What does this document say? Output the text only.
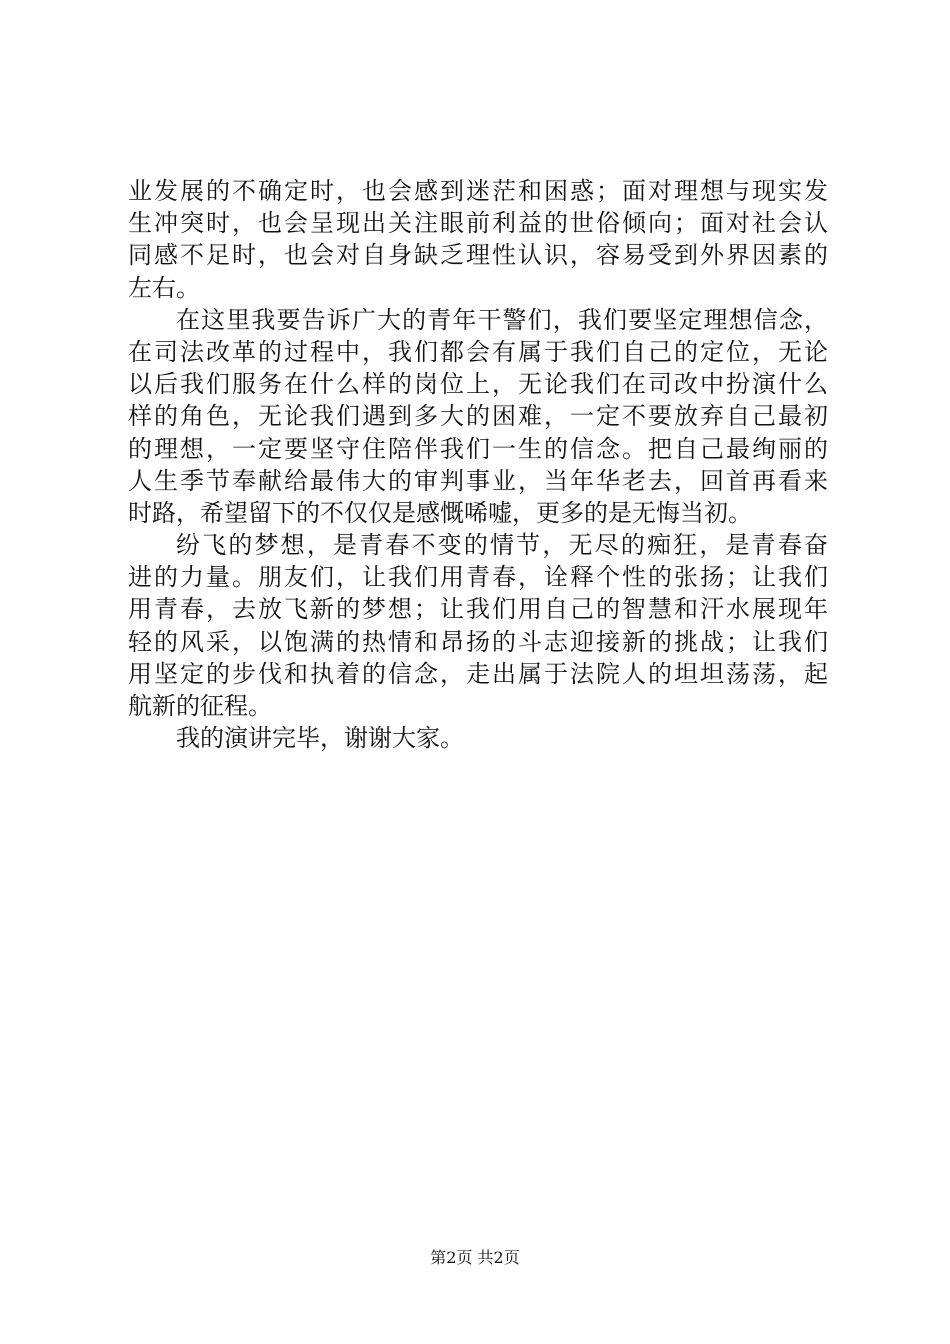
业发展的不确定时，也会感到迷茫和困惑；面对理想与现实发
生冲突时，也会呈现出关注眼前利益的世俗倾向；面对社会认
同感不足时，也会对自身缺乏理性认识，容易受到外界因素的
左右。
在这里我要告诉广大的青年干警们，我们要坚定理想信念，
在司法改革的过程中，我们都会有属于我们自己的定位，无论
以后我们服务在什么样的岗位上，无论我们在司改中扮演什么
样的角色，无论我们遇到多大的困难，一定不要放弃自己最初
的理想，一定要坚守住陪伴我们一生的信念。把自己最绚丽的
人生季节奉献给最伟大的审判事业，当年华老去，回首再看来
时路，希望留下的不仅仅是感慨唏嘘，更多的是无悔当初。
纷飞的梦想，是青春不变的情节，无尽的痴狂，是青春奋
进的力量。朋友们，让我们用青春，诠释个性的张扬；让我们
用青春，去放飞新的梦想；让我们用自己的智慧和汗水展现年
轻的风采，以饱满的热情和昂扬的斗志迎接新的挑战；让我们
用坚定的步伐和执着的信念，走出属于法院人的坦坦荡荡，起
航新的征程。
我的演讲完毕，谢谢大家。
第2页 共2页
